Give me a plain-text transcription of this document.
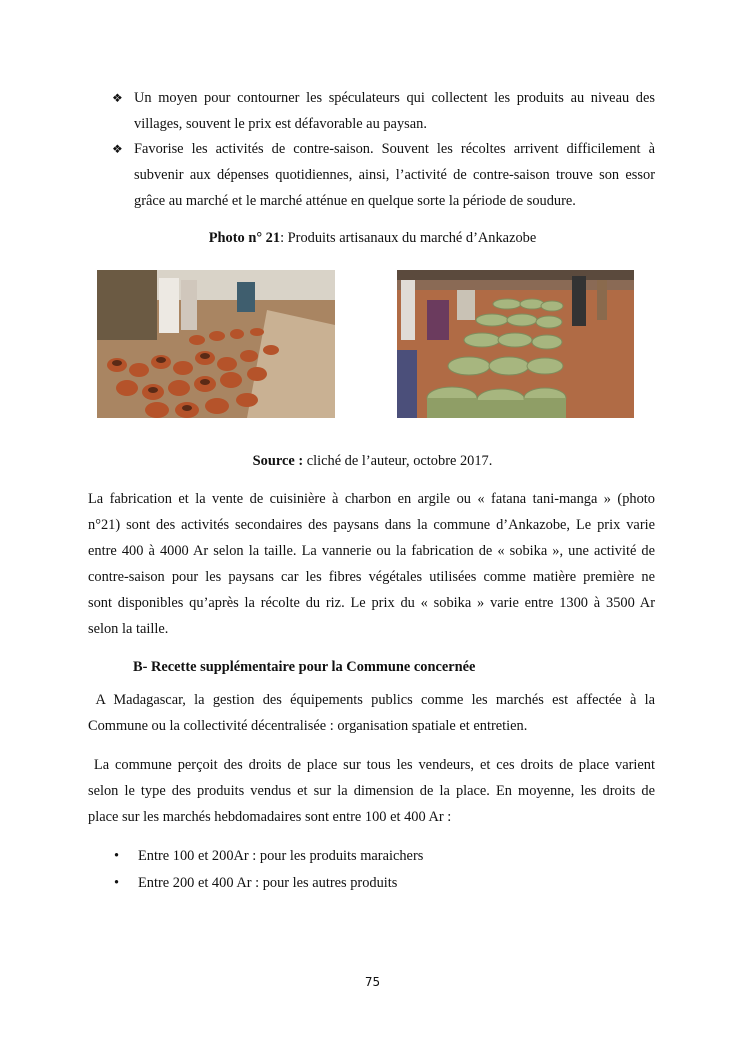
❖ Un moyen pour contourner les spéculateurs qui collectent les produits au niveau des
villages, souvent le prix est défavorable au paysan.
❖ Favorise les activités de contre-saison. Souvent les récoltes arrivent difficilement à
subvenir aux dépenses quotidiennes, ainsi, l’activité de contre-saison trouve son essor
grâce au marché et le marché atténue en quelque sorte la période de soudure.
Photo n° 21: Produits artisanaux du marché d’Ankazobe
Source : cliché de l’auteur, octobre 2017.
La fabrication et la vente de cuisinière à charbon en argile ou « fatana tani-manga » (photo
n°21) sont des activités secondaires des paysans dans la commune d’Ankazobe, Le prix varie
entre 400 à 4000 Ar selon la taille. La vannerie ou la fabrication de « sobika », une activité de
contre-saison pour les paysans car les fibres végétales utilisées comme matière première ne
sont disponibles qu’après la récolte du riz. Le prix du « sobika » varie entre 1300 à 3500 Ar
selon la taille.
B- Recette supplémentaire pour la Commune concernée
A Madagascar, la gestion des équipements publics comme les marchés est affectée à la
Commune ou la collectivité décentralisée : organisation spatiale et entretien.
La commune perçoit des droits de place sur tous les vendeurs, et ces droits de place varient
selon le type des produits vendus et sur la dimension de la place. En moyenne, les droits de
place sur les marchés hebdomadaires sont entre 100 et 400 Ar :
• Entre 100 et 200Ar : pour les produits maraichers
• Entre 200 et 400 Ar : pour les autres produits
75
